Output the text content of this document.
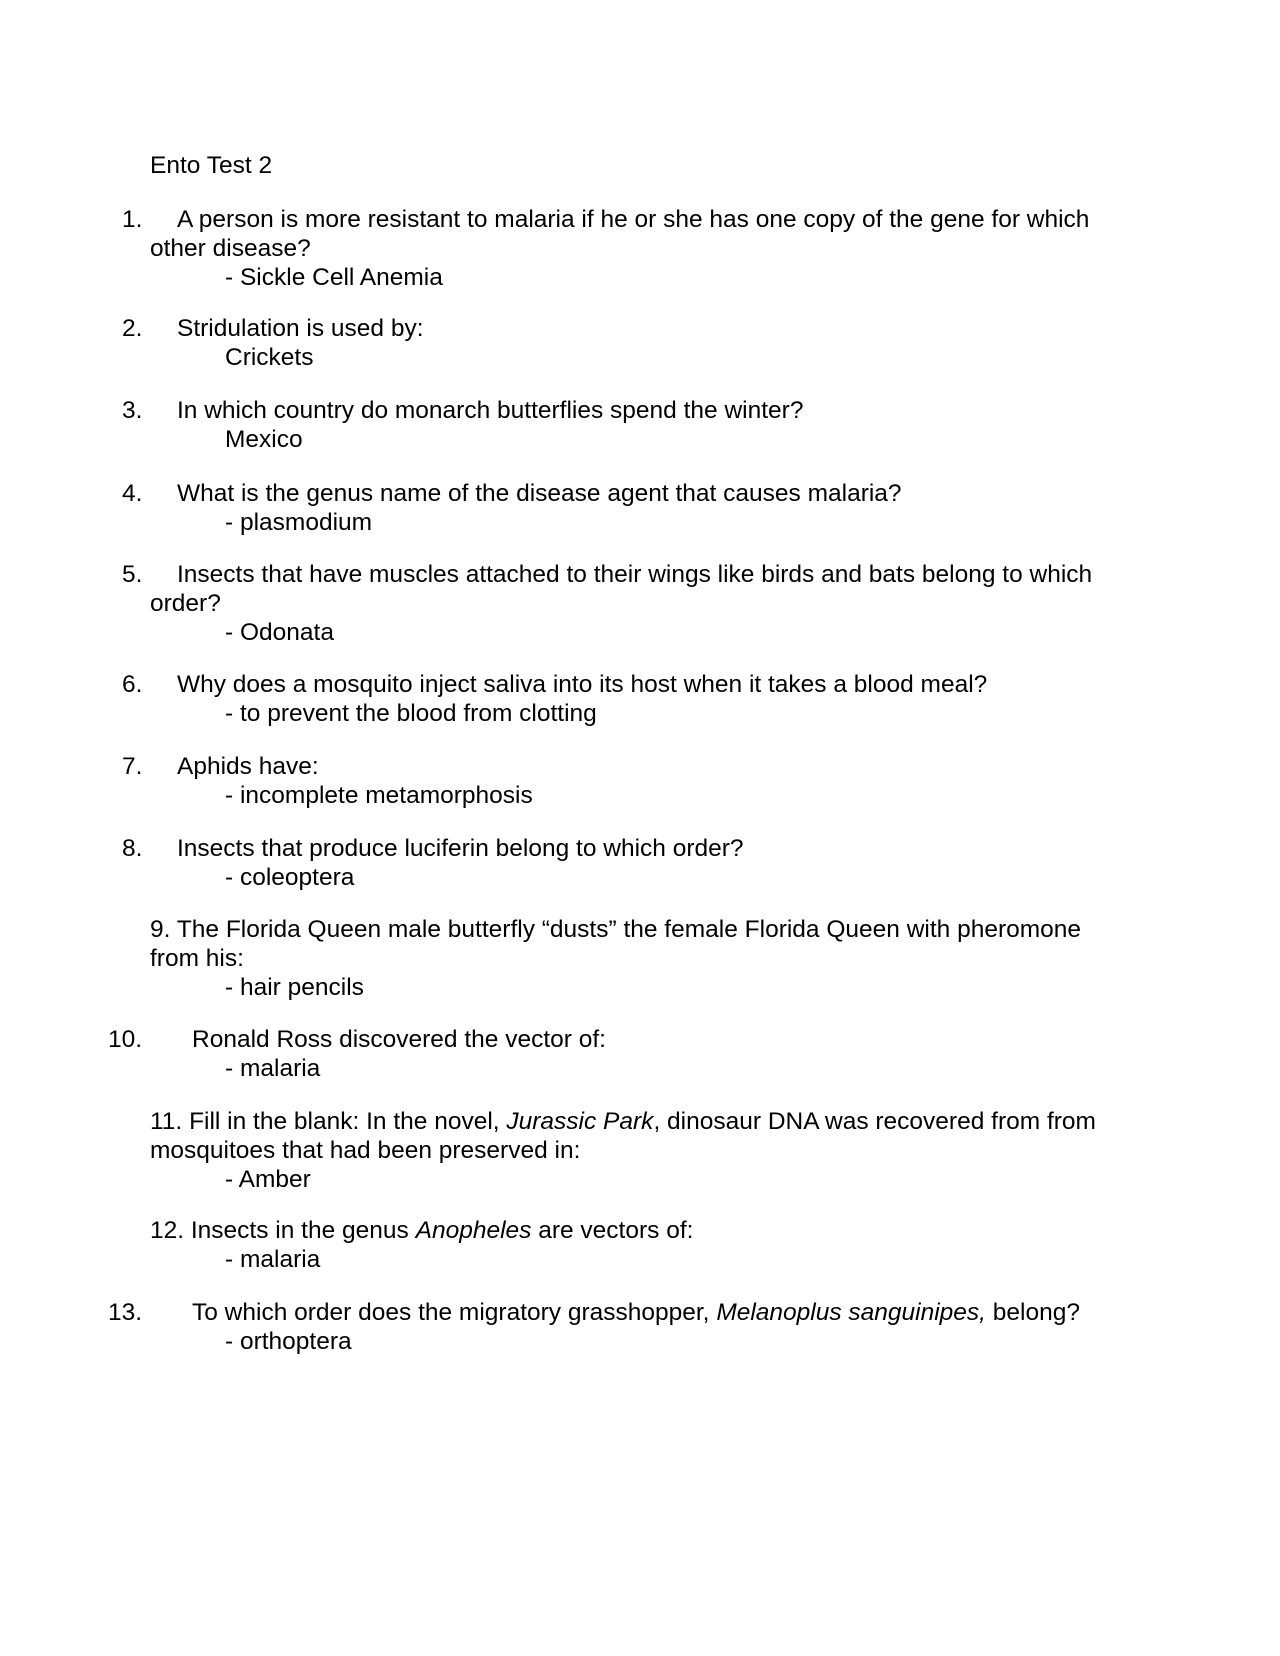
Ento Test 2
1.	A person is more resistant to malaria if he or she has one copy of the gene for which other disease?
- Sickle Cell Anemia
2.	Stridulation is used by:
Crickets
3.	In which country do monarch butterflies spend the winter?
Mexico
4.	What is the genus name of the disease agent that causes malaria?
- plasmodium
5.	Insects that have muscles attached to their wings like birds and bats belong to which order?
- Odonata
6.	Why does a mosquito inject saliva into its host when it takes a blood meal?
- to prevent the blood from clotting
7.	Aphids have:
- incomplete metamorphosis
8.	Insects that produce luciferin belong to which order?
- coleoptera
9. The Florida Queen male butterfly “dusts” the female Florida Queen with pheromone from his:
- hair pencils
10.	Ronald Ross discovered the vector of:
- malaria
11. Fill in the blank: In the novel, Jurassic Park, dinosaur DNA was recovered from from mosquitoes that had been preserved in:
- Amber
12. Insects in the genus Anopheles are vectors of:
- malaria
13.	To which order does the migratory grasshopper, Melanoplus sanguinipes, belong?
- orthoptera
